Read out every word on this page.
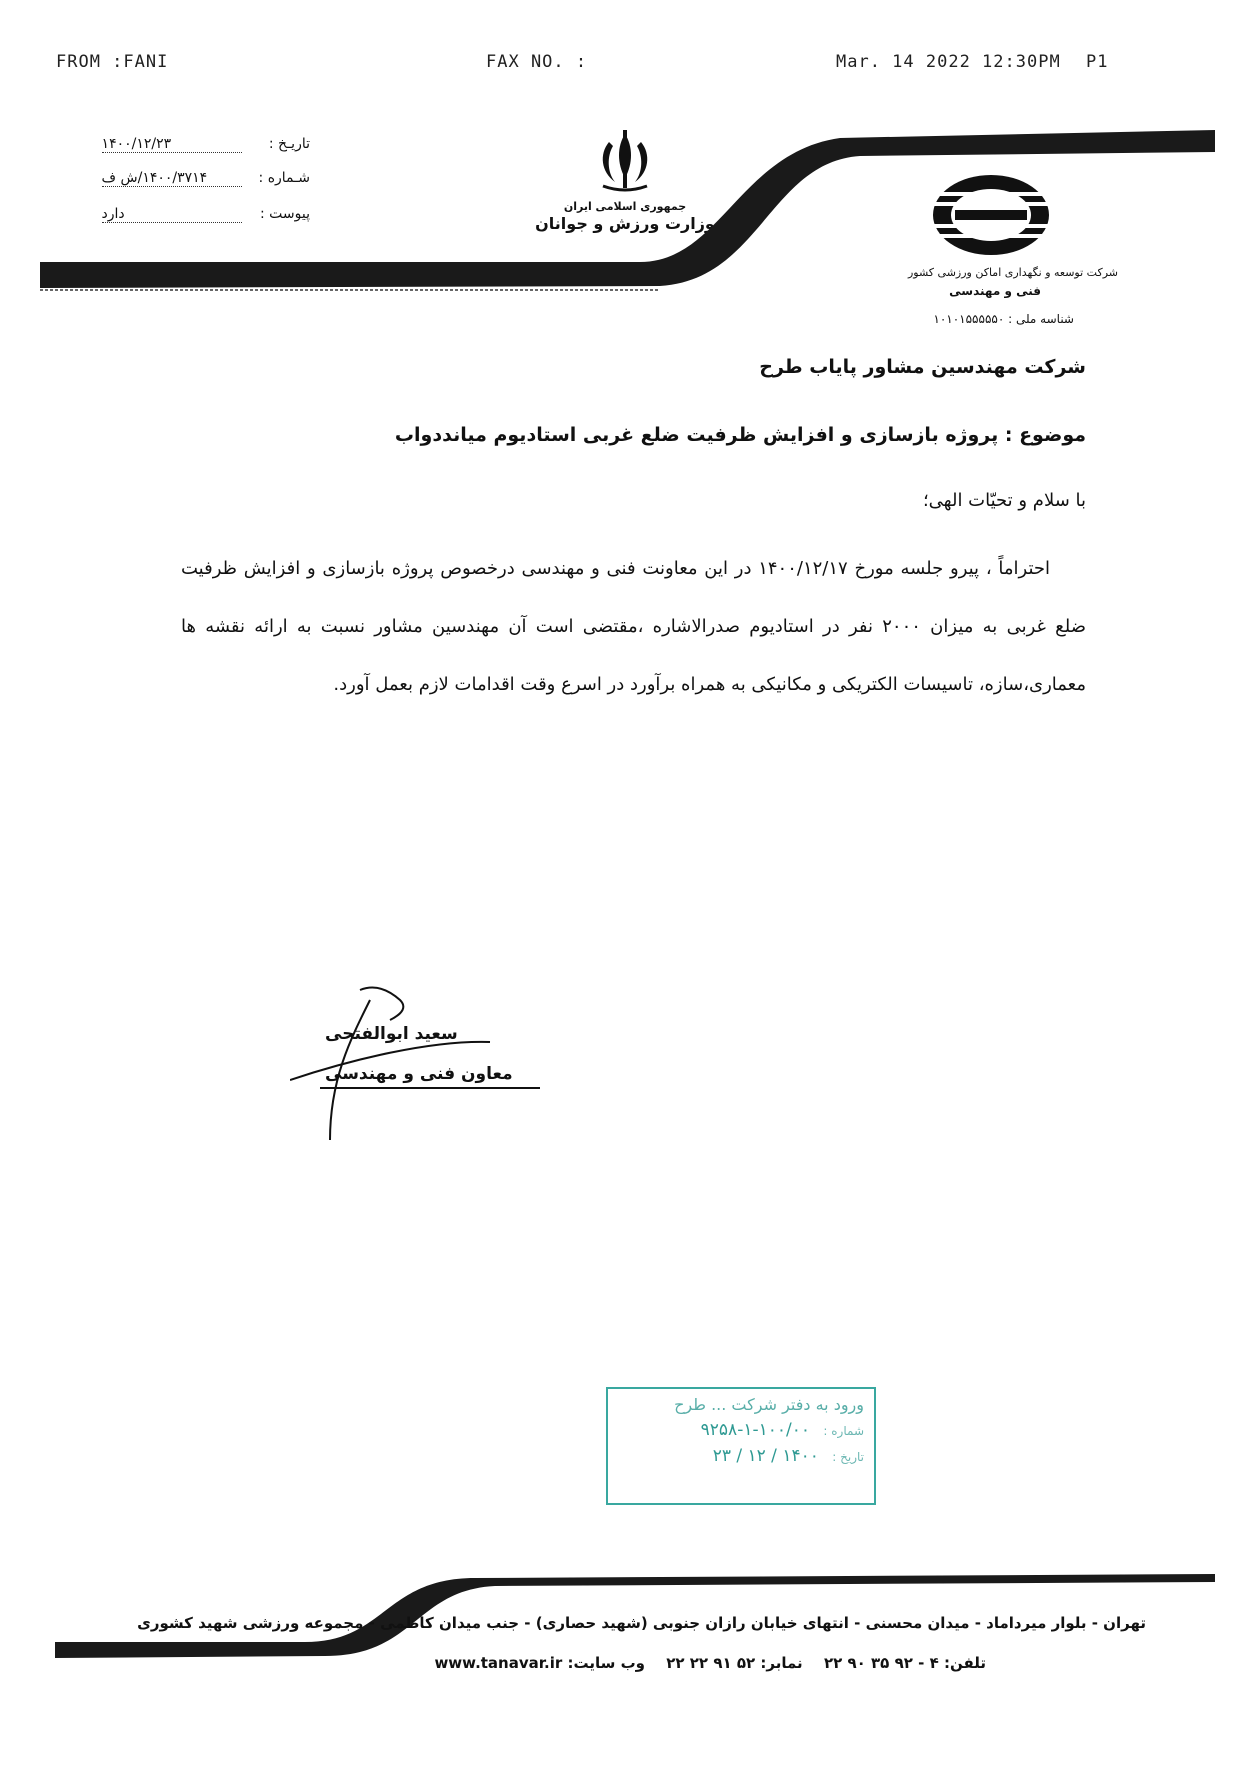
FROM :FANI	FAX NO. :	Mar. 14 2022 12:30PM P1
تاریـخ : ۱۴۰۰/۱۲/۲۳
شـماره : ۱۴۰۰/۳۷۱۴/ش ف
پیوست : دارد	جمهوری اسلامی ایران
وزارت ورزش و جوانان
شرکت توسعه و نگهداری اماکن ورزشی کشور
فنی و مهندسی
شناسه ملی : ۱۰۱۰۱۵۵۵۵۵۰
شرکت مهندسین مشاور پایاب طرح
موضوع : پروژه بازسازی و افزایش ظرفیت ضلع غربی استادیوم میانددواب
با سلام و تحیّات الهی؛
احتراماً ، پیرو جلسه مورخ ۱۴۰۰/۱۲/۱۷ در این معاونت فنی و مهندسی درخصوص پروژه بازسازی و افزایش ظرفیت ضلع غربی به میزان ۲۰۰۰ نفر در استادیوم صدرالاشاره ،مقتضی است آن مهندسین مشاور نسبت به ارائه نقشه ها معماری،سازه، تاسیسات الکتریکی و مکانیکی به همراه برآورد در اسرع وقت اقدامات لازم بعمل آورد.
سعید ابوالفتحی
معاون فنی و مهندسی
ورود به دفتر شرکت ... طرح
شماره : ۱۰۰/۰۰-۱-۹۲۵۸
تاریخ : ۱۴۰۰ / ۱۲ / ۲۳
تهران - بلوار میرداماد - میدان محسنی - انتهای خیابان رازان جنوبی (شهید حصاری) - جنب میدان کاظمی - مجموعه ورزشی شهید کشوری
تلفن: ۴ - ۹۲ ۳۵ ۹۰ ۲۲ نمابر: ۵۲ ۹۱ ۲۲ ۲۲ وب سایت: www.tanavar.ir
